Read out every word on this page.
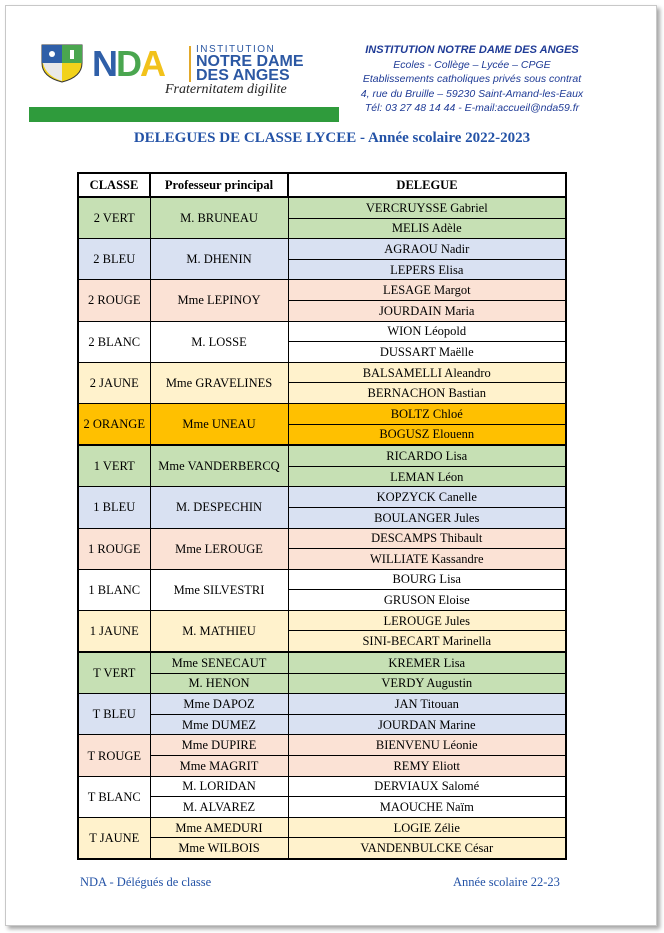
NDA	INSTITUTION
NOTRE DAME
DES ANGES
Fraternitatem digilite
INSTITUTION NOTRE DAME DES ANGES
Ecoles - Collège – Lycée – CPGE
Etablissements catholiques privés sous contrat
4, rue du Bruille – 59230 Saint-Amand-les-Eaux
Tél: 03 27 48 14 44 - E-mail:accueil@nda59.fr
DELEGUES DE CLASSE LYCEE - Année scolaire 2022-2023
CLASSE	Professeur principal	DELEGUE
2 VERT	M. BRUNEAU	VERCRUYSSE Gabriel
		MELIS Adèle
2 BLEU	M. DHENIN	AGRAOU Nadir
		LEPERS Elisa
2 ROUGE	Mme LEPINOY	LESAGE Margot
		JOURDAIN Maria
2 BLANC	M. LOSSE	WION Léopold
		DUSSART Maëlle
2 JAUNE	Mme GRAVELINES	BALSAMELLI Aleandro
		BERNACHON Bastian
2 ORANGE	Mme UNEAU	BOLTZ Chloé
		BOGUSZ Elouenn
1 VERT	Mme VANDERBERCQ	RICARDO Lisa
		LEMAN Léon
1 BLEU	M. DESPECHIN	KOPZYCK Canelle
		BOULANGER Jules
1 ROUGE	Mme LEROUGE	DESCAMPS Thibault
		WILLIATE Kassandre
1 BLANC	Mme SILVESTRI	BOURG Lisa
		GRUSON Eloise
1 JAUNE	M. MATHIEU	LEROUGE Jules
		SINI-BECART Marinella
T VERT	Mme SENECAUT	KREMER Lisa
	M. HENON	VERDY Augustin
T BLEU	Mme DAPOZ	JAN Titouan
	Mme DUMEZ	JOURDAN Marine
T ROUGE	Mme DUPIRE	BIENVENU Léonie
	Mme MAGRIT	REMY Eliott
T BLANC	M. LORIDAN	DERVIAUX Salomé
	M. ALVAREZ	MAOUCHE Naïm
T JAUNE	Mme AMEDURI	LOGIE Zélie
	Mme WILBOIS	VANDENBULCKE César
NDA - Délégués de classe	Année scolaire 22-23
